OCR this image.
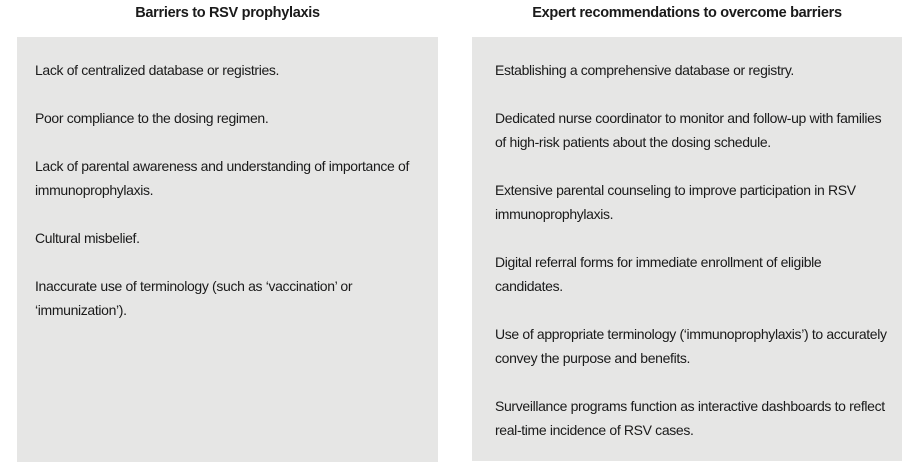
Barriers to RSV prophylaxis
Lack of centralized database or registries.
Poor compliance to the dosing regimen.
Lack of parental awareness and understanding of importance of immunoprophylaxis.
Cultural misbelief.
Inaccurate use of terminology (such as ‘vaccination’ or ‘immunization’).
Expert recommendations to overcome barriers
Establishing a comprehensive database or registry.
Dedicated nurse coordinator to monitor and follow-up with families of high-risk patients about the dosing schedule.
Extensive parental counseling to improve participation in RSV immunoprophylaxis.
Digital referral forms for immediate enrollment of eligible candidates.
Use of appropriate terminology (‘immunoprophylaxis’) to accurately convey the purpose and benefits.
Surveillance programs function as interactive dashboards to reflect real-time incidence of RSV cases.
